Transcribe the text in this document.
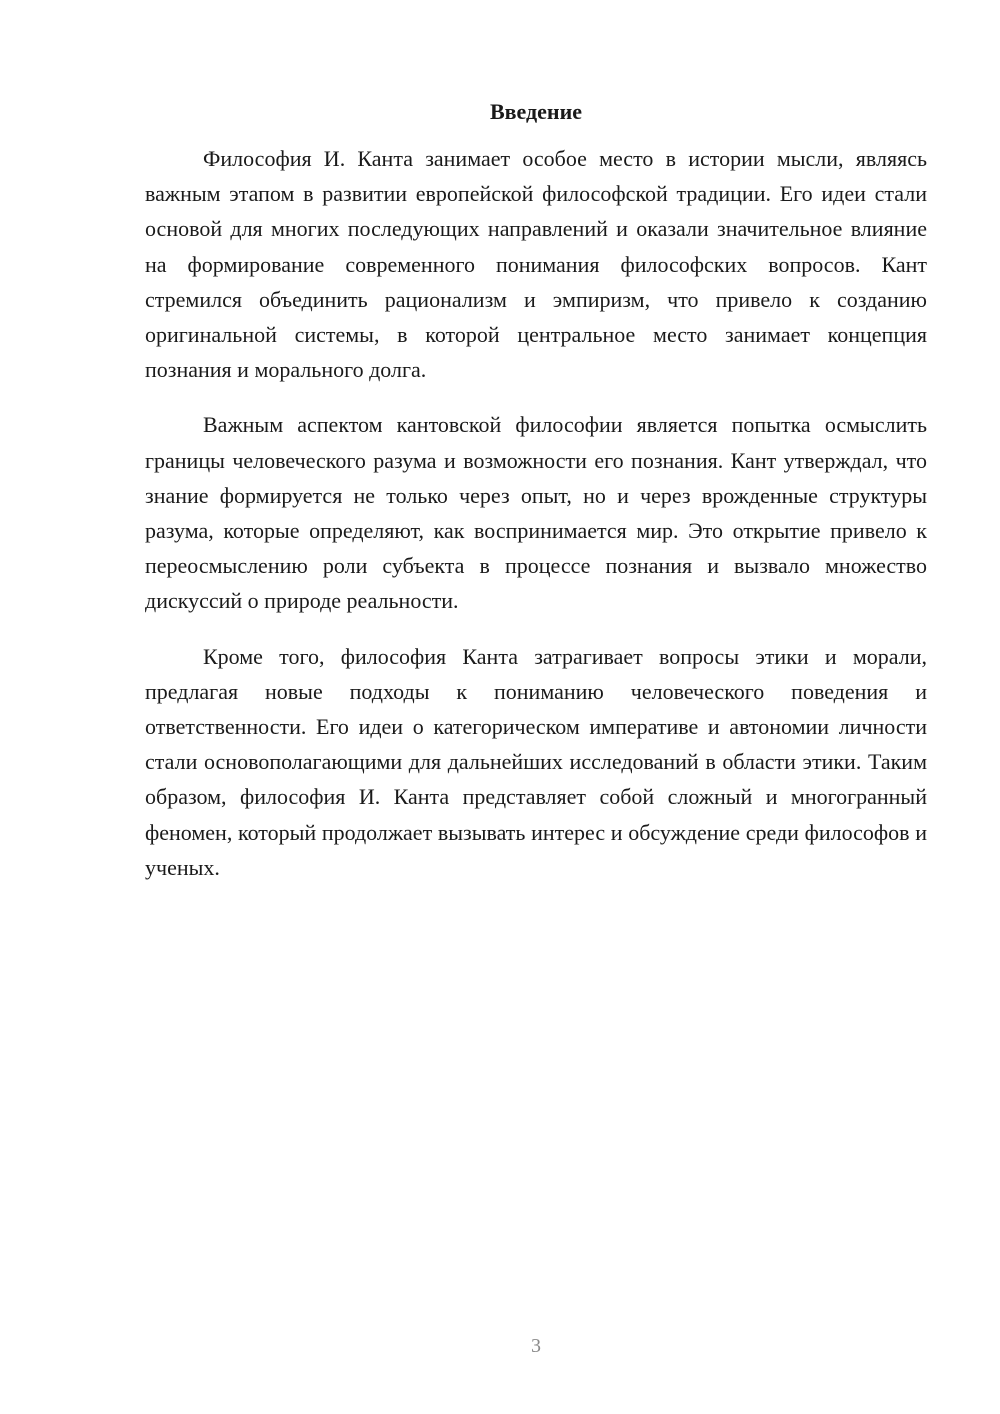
Введение

Философия И. Канта занимает особое место в истории мысли, являясь важным этапом в развитии европейской философской традиции. Его идеи стали основой для многих последующих направлений и оказали значительное влияние на формирование современного понимания философских вопросов. Кант стремился объединить рационализм и эмпиризм, что привело к созданию оригинальной системы, в которой центральное место занимает концепция познания и морального долга.

Важным аспектом кантовской философии является попытка осмыслить границы человеческого разума и возможности его познания. Кант утверждал, что знание формируется не только через опыт, но и через врожденные структуры разума, которые определяют, как воспринимается мир. Это открытие привело к переосмыслению роли субъекта в процессе познания и вызвало множество дискуссий о природе реальности.

Кроме того, философия Канта затрагивает вопросы этики и морали, предлагая новые подходы к пониманию человеческого поведения и ответственности. Его идеи о категорическом императиве и автономии личности стали основополагающими для дальнейших исследований в области этики. Таким образом, философия И. Канта представляет собой сложный и многогранный феномен, который продолжает вызывать интерес и обсуждение среди философов и ученых.

3
